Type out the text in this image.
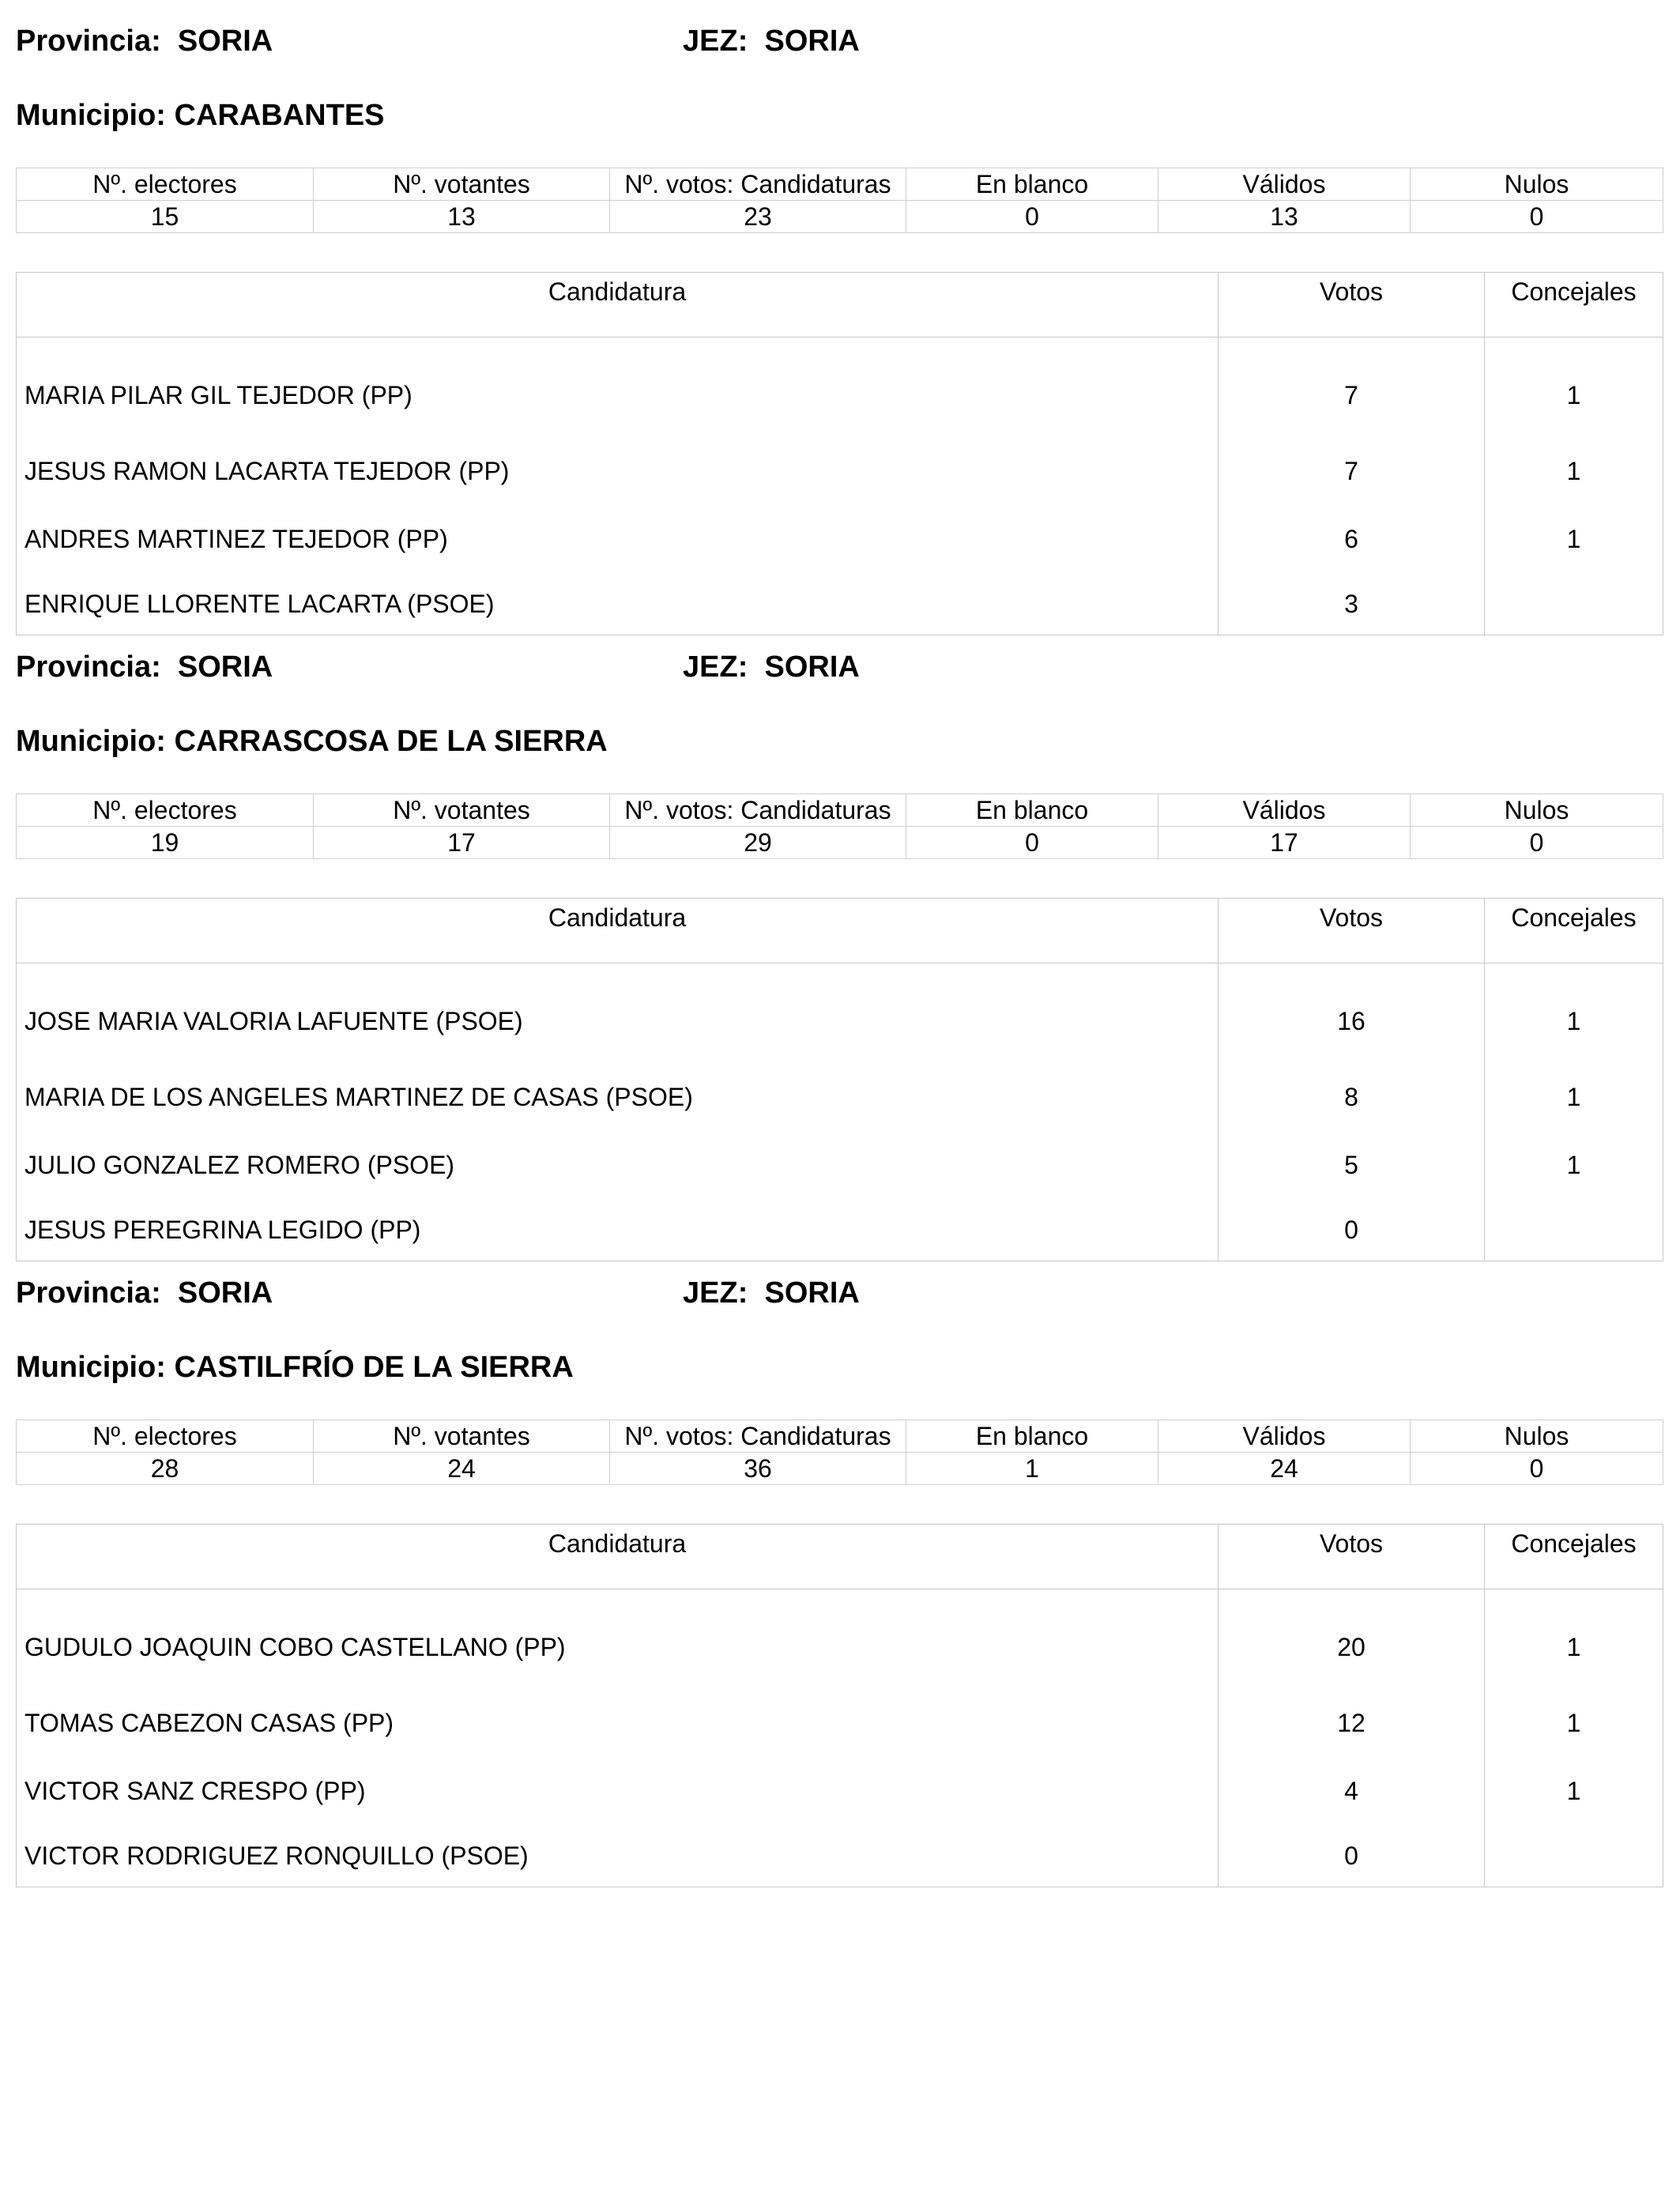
Provincia: SORIA	JEZ: SORIA
Municipio: CARABANTES
Nº. electores	Nº. votantes	Nº. votos: Candidaturas	En blanco	Válidos	Nulos
15	13	23	0	13	0
Candidatura	Votos	Concejales
MARIA PILAR GIL TEJEDOR (PP)	7	1
JESUS RAMON LACARTA TEJEDOR (PP)	7	1
ANDRES MARTINEZ TEJEDOR (PP)	6	1
ENRIQUE LLORENTE LACARTA (PSOE)	3	
Provincia: SORIA	JEZ: SORIA
Municipio: CARRASCOSA DE LA SIERRA
Nº. electores	Nº. votantes	Nº. votos: Candidaturas	En blanco	Válidos	Nulos
19	17	29	0	17	0
Candidatura	Votos	Concejales
JOSE MARIA VALORIA LAFUENTE (PSOE)	16	1
MARIA DE LOS ANGELES MARTINEZ DE CASAS (PSOE)	8	1
JULIO GONZALEZ ROMERO (PSOE)	5	1
JESUS PEREGRINA LEGIDO (PP)	0	
Provincia: SORIA	JEZ: SORIA
Municipio: CASTILFRÍO DE LA SIERRA
Nº. electores	Nº. votantes	Nº. votos: Candidaturas	En blanco	Válidos	Nulos
28	24	36	1	24	0
Candidatura	Votos	Concejales
GUDULO JOAQUIN COBO CASTELLANO (PP)	20	1
TOMAS CABEZON CASAS (PP)	12	1
VICTOR SANZ CRESPO (PP)	4	1
VICTOR RODRIGUEZ RONQUILLO (PSOE)	0	
